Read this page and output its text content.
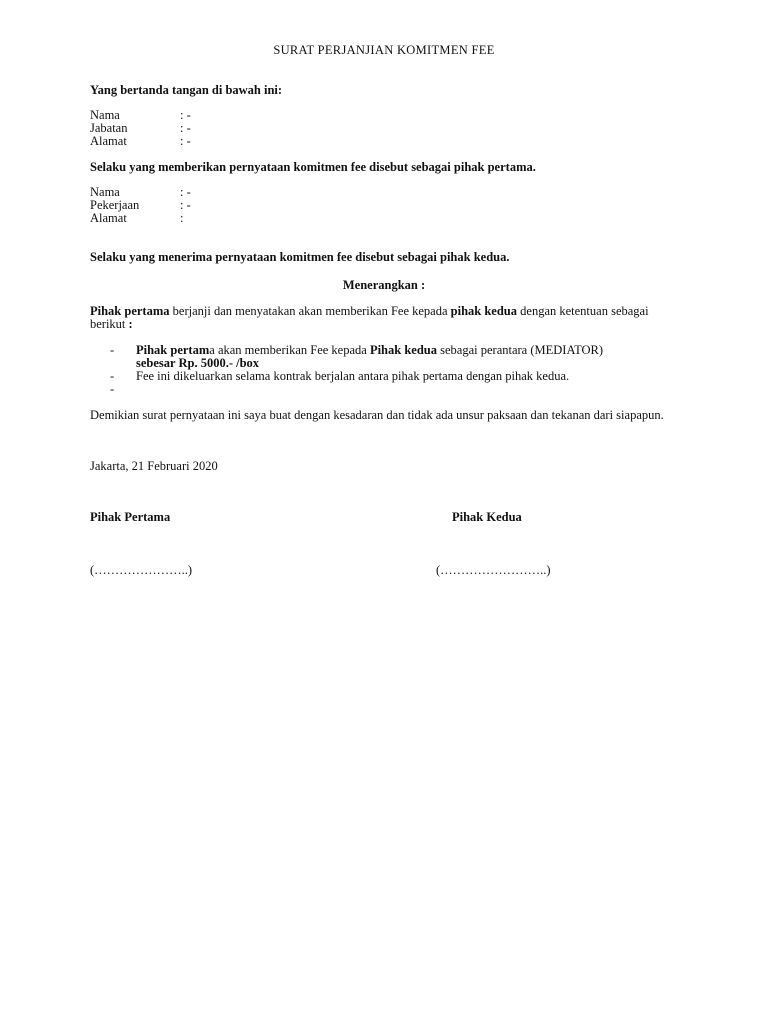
SURAT PERJANJIAN KOMITMEN FEE
Yang bertanda tangan di bawah ini:
Nama	: -
Jabatan	: -
Alamat	: -
Selaku yang memberikan pernyataan komitmen fee disebut sebagai pihak pertama.
Nama	: -
Pekerjaan	: -
Alamat	:
Selaku yang menerima pernyataan komitmen fee disebut sebagai pihak kedua.
Menerangkan :
Pihak pertama berjanji dan menyatakan akan memberikan Fee kepada pihak kedua dengan ketentuan sebagai berikut :
- Pihak pertama akan memberikan Fee kepada Pihak kedua sebagai perantara (MEDIATOR)
sebesar Rp. 5000.- /box
- Fee ini dikeluarkan selama kontrak berjalan antara pihak pertama dengan pihak kedua.
-
Demikian surat pernyataan ini saya buat dengan kesadaran dan tidak ada unsur paksaan dan tekanan dari siapapun.
Jakarta, 21 Februari 2020
Pihak Pertama	Pihak Kedua
(…………………..)	(……………………..)
